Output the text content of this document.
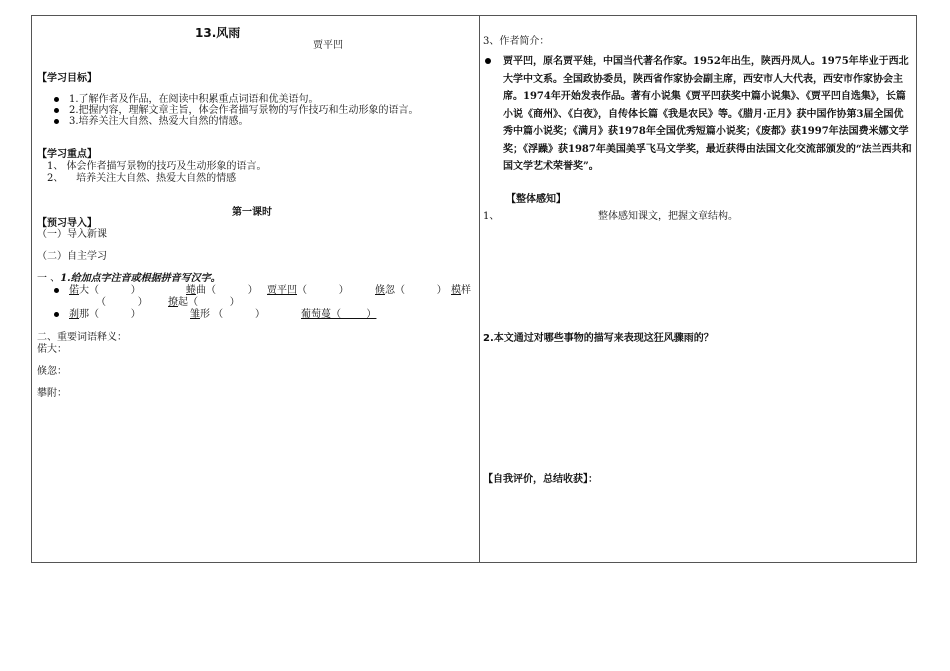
13.风雨
贾平凹
【学习目标】
1.了解作者及作品，在阅读中积累重点词语和优美语句。
2.把握内容，理解文章主旨，体会作者描写景物的写作技巧和生动形象的语言。
3.培养关注大自然、热爱大自然的情感。
【学习重点】
1、 体会作者描写景物的技巧及生动形象的语言。
2、    培养关注大自然、热爱大自然的情感
第一课时
【预习导入】
（一）导入新课
（二）自主学习
一 、1.给加点字注音或根据拼音写汉字。
偌大（          ）	蜷曲（          ） 贾平凹（          ）	倏忽（          ） 模样
（          ）	撩起（          ）
刹那（          ）	雏形 （          ）	葡萄蔓（        ）
二、重要词语释义：
偌大：
倏忽：
攀附：
3、作者简介：

贾平凹，原名贾平娃，中国当代著名作家。1952年出生，陕西丹凤人。1975年毕业于西北大学中文系。全国政协委员，陕西省作家协会副主席，西安市人大代表，西安市作家协会主席。1974年开始发表作品。著有小说集《贾平凹获奖中篇小说集》、《贾平凹自选集》，长篇小说《商州》、《白夜》，自传体长篇《我是农民》等。《腊月·正月》获中国作协第3届全国优秀中篇小说奖；《满月》获1978年全国优秀短篇小说奖；《废都》获1997年法国费米娜文学奖；《浮躁》获1987年美国美孚飞马文学奖，最近获得由法国文化交流部颁发的“法兰西共和国文学艺术荣誉奖”。

【整体感知】
1、	整体感知课文，把握文章结构。
2.本文通过对哪些事物的描写来表现这狂风骤雨的？
【自我评价，总结收获】：
